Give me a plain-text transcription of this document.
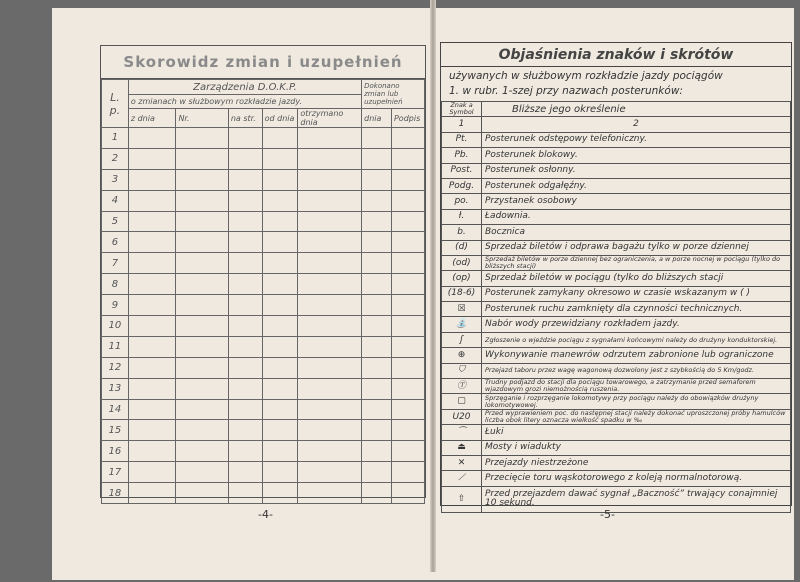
Skorowidz zmian i uzupełnień
L. p.	Zarządzenia D.O.K.P.					Dokonano zmian lub uzupełnień	
	o zmianach w służbowym rozkładzie jazdy.						
	z dnia	Nr.	na str.	od dnia	otrzymano dnia	dnia	Podpis
1							
2							
3							
4							
5							
6							
7							
8							
9							
10							
11							
12							
13							
14							
15							
16							
17							
18							
-4-
Objaśnienia znaków i skrótów
używanych w służbowym rozkładzie jazdy pociągów
1. w rubr. 1-szej przy nazwach posterunków:
Znak a Symbol	Bliższe jego określenie
1	2
Pt.	Posterunek odstępowy telefoniczny.
Pb.	Posterunek blokowy.
Post.	Posterunek osłonny.
Podg.	Posterunek odgałęźny.
po.	Przystanek osobowy
ł.	Ładownia.
b.	Bocznica
(d)	Sprzedaż biletów i odprawa bagażu tylko w porze dziennej
(od)	Sprzedaż biletów w porze dziennej bez ograniczenia, a w porze nocnej w pociągu (tylko do bliższych stacji)
(op)	Sprzedaż biletów w pociągu (tylko do bliższych stacji
(18-6)	Posterunek zamykany okresowo w czasie wskazanym w ( )
☒	Posterunek ruchu zamknięty dla czynności technicznych.
⛲	Nabór wody przewidziany rozkładem jazdy.
ʃ	Zgłoszenie o wjeździe pociągu z sygnałami końcowymi należy do drużyny konduktorskiej.
⊕	Wykonywanie manewrów odrzutem zabronione lub ograniczone
⛉	Przejazd taboru przez wagę wagonową dozwolony jest z szybkością do 5 Km/godz.
Ⓣ	Trudny podjazd do stacji dla pociągu towarowego, a zatrzymanie przed semaforem wjazdowym grozi niemożnością ruszenia.
▢	Sprzęganie i rozprzęganie lokomotywy przy pociągu należy do obowiązków drużyny lokomotywowej.
U20	Przed wyprawieniem poc. do następnej stacji należy dokonać uproszczonej próby hamulców liczba obok litery oznacza wielkość spadku w ‰
⌒	Łuki
⏏	Mosty i wiadukty
✕	Przejazdy niestrzeżone
⟋	Przecięcie toru wąskotorowego z koleją normalnotorową.
⇧	Przed przejazdem dawać sygnał „Baczność” trwający conajmniej 10 sekund.
-5-
